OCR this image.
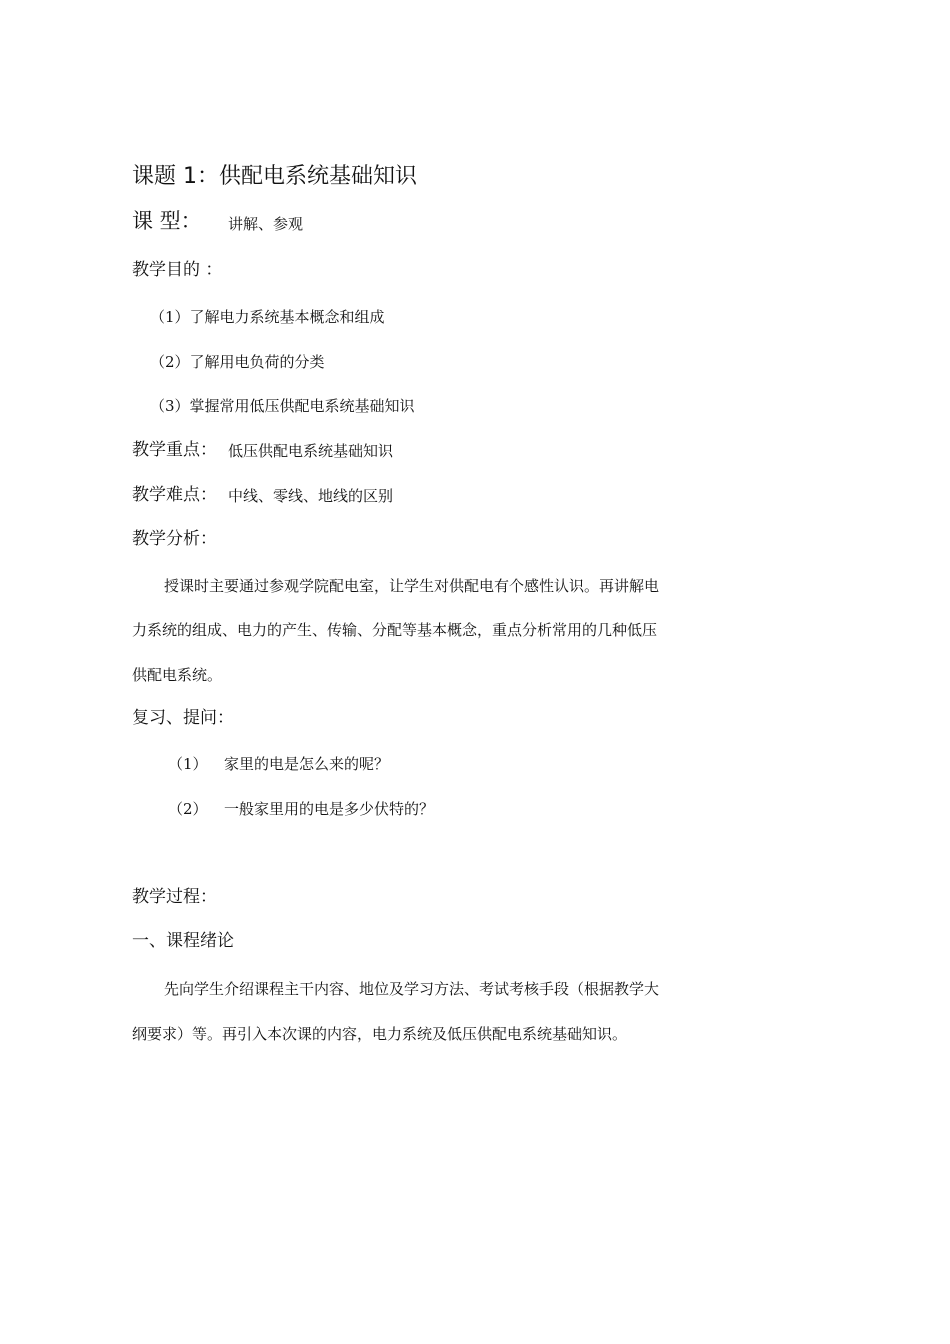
课题 1：供配电系统基础知识
课 型： 讲解、参观
教学目的 ：
（1）了解电力系统基本概念和组成
（2）了解用电负荷的分类
（3）掌握常用低压供配电系统基础知识
教学重点： 低压供配电系统基础知识
教学难点： 中线、零线、地线的区别
教学分析：
授课时主要通过参观学院配电室，让学生对供配电有个感性认识。再讲解电
力系统的组成、电力的产生、传输、分配等基本概念，重点分析常用的几种低压
供配电系统。
复习、提问：
（1） 家里的电是怎么来的呢？
（2） 一般家里用的电是多少伏特的？
教学过程：
一、课程绪论
先向学生介绍课程主干内容、地位及学习方法、考试考核手段（根据教学大
纲要求）等。再引入本次课的内容，电力系统及低压供配电系统基础知识。
